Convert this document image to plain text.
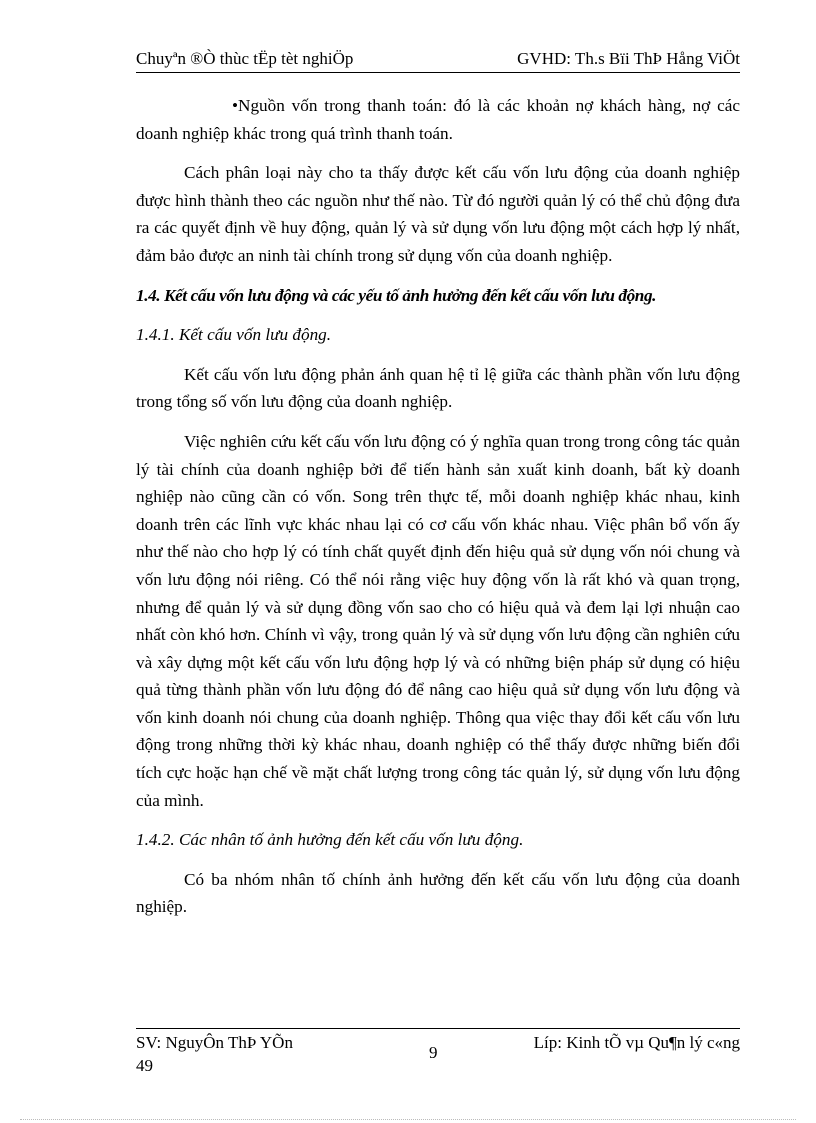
Chuyªn ®Ò thùc tËp tèt nghiÖp	GVHD: Th.s Bïi ThÞ Hång ViÖt

•Nguồn vốn trong thanh toán: đó là các khoản nợ khách hàng, nợ các doanh nghiệp khác trong quá trình thanh toán.

Cách phân loại này cho ta thấy được kết cấu vốn lưu động của doanh nghiệp được hình thành theo các nguồn như thế nào. Từ đó người quản lý có thể chủ động đưa ra các quyết định về huy động, quản lý và sử dụng vốn lưu động một cách hợp lý nhất, đảm bảo được an ninh tài chính trong sử dụng vốn của doanh nghiệp.

1.4. Kết cấu vốn lưu động và các yếu tố ảnh hưởng đến kết cấu vốn lưu động.

1.4.1. Kết cấu vốn lưu động.

Kết cấu vốn lưu động phản ánh quan hệ tỉ lệ giữa các thành phần vốn lưu động trong tổng số vốn lưu động của doanh nghiệp.

Việc nghiên cứu kết cấu vốn lưu động có ý nghĩa quan trong trong công tác quản lý tài chính của doanh nghiệp bởi để tiến hành sản xuất kinh doanh, bất kỳ doanh nghiệp nào cũng cần có vốn. Song trên thực tế, mỗi doanh nghiệp khác nhau, kinh doanh trên các lĩnh vực khác nhau lại có cơ cấu vốn khác nhau. Việc phân bổ vốn ấy như thế nào cho hợp lý có tính chất quyết định đến hiệu quả sử dụng vốn nói chung và vốn lưu động nói riêng. Có thể nói rằng việc huy động vốn là rất khó và quan trọng, nhưng để quản lý và sử dụng đồng vốn sao cho có hiệu quả và đem lại lợi nhuận cao nhất còn khó hơn. Chính vì vậy, trong quản lý và sử dụng vốn lưu động cần nghiên cứu và xây dựng một kết cấu vốn lưu động hợp lý và có những biện pháp sử dụng có hiệu quả từng thành phần vốn lưu động đó để nâng cao hiệu quả sử dụng vốn lưu động và vốn kinh doanh nói chung của doanh nghiệp. Thông qua việc thay đổi kết cấu vốn lưu động trong những thời kỳ khác nhau, doanh nghiệp có thể thấy được những biến đổi tích cực hoặc hạn chế về mặt chất lượng trong công tác quản lý, sử dụng vốn lưu động của mình.

1.4.2. Các nhân tố ảnh hưởng đến kết cấu vốn lưu động.

Có ba nhóm nhân tố chính ảnh hưởng đến kết cấu vốn lưu động của doanh nghiệp.

SV: NguyÔn ThÞ YÕn
49
9
Líp: Kinh tÕ vµ Qu¶n lý c«ng
